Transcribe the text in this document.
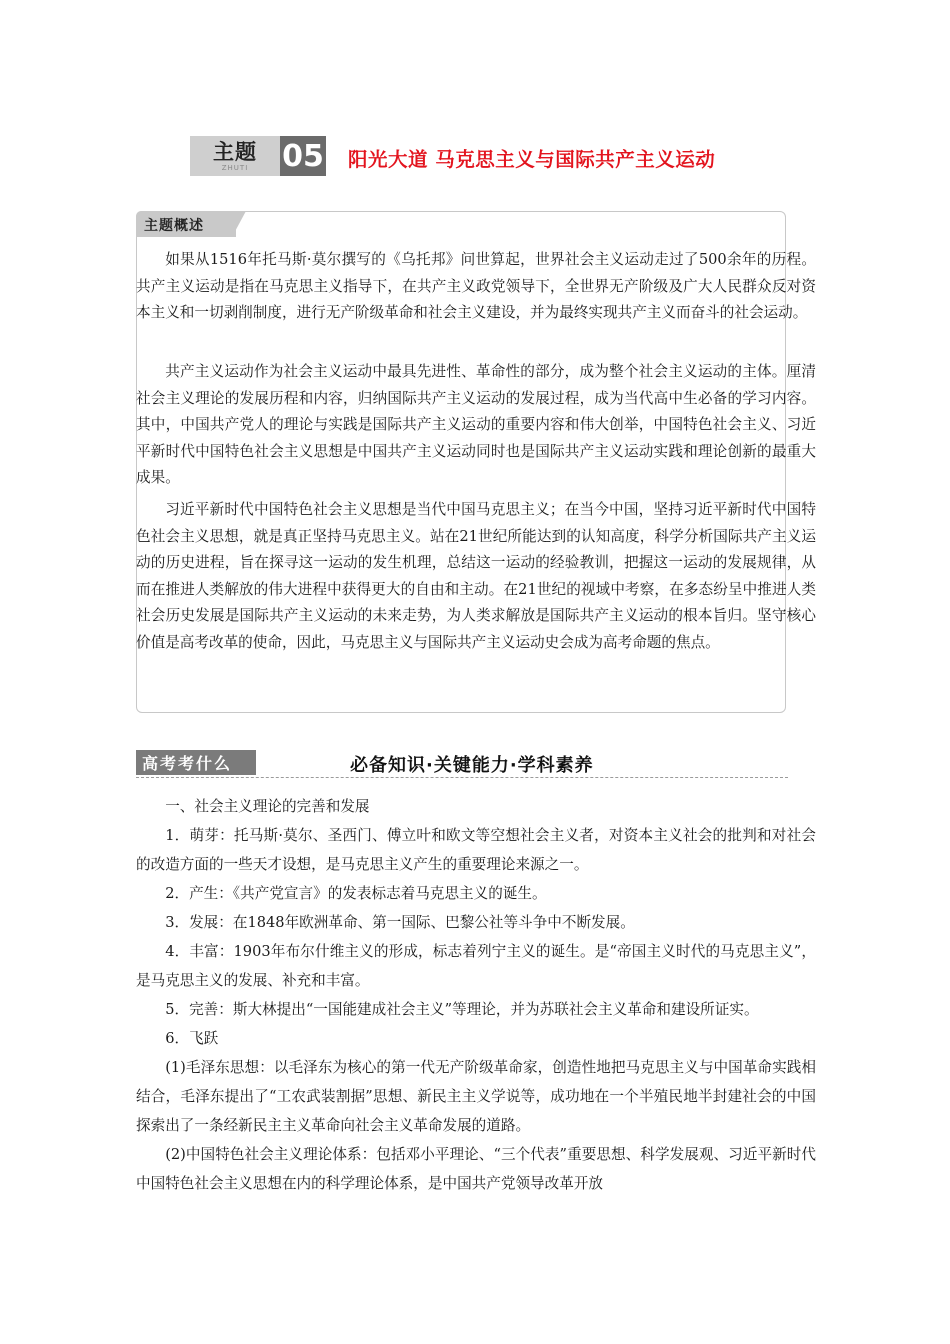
主题
ZHUTI 05 阳光大道 马克思主义与国际共产主义运动
主题概述

如果从1516年托马斯·莫尔撰写的《乌托邦》问世算起，世界社会主义运动走过了500余年的历程。共产主义运动是指在马克思主义指导下，在共产主义政党领导下，全世界无产阶级及广大人民群众反对资本主义和一切剥削制度，进行无产阶级革命和社会主义建设，并为最终实现共产主义而奋斗的社会运动。

共产主义运动作为社会主义运动中最具先进性、革命性的部分，成为整个社会主义运动的主体。厘清社会主义理论的发展历程和内容，归纳国际共产主义运动的发展过程，成为当代高中生必备的学习内容。其中，中国共产党人的理论与实践是国际共产主义运动的重要内容和伟大创举，中国特色社会主义、习近平新时代中国特色社会主义思想是中国共产主义运动同时也是国际共产主义运动实践和理论创新的最重大成果。

习近平新时代中国特色社会主义思想是当代中国马克思主义；在当今中国，坚持习近平新时代中国特色社会主义思想，就是真正坚持马克思主义。站在21世纪所能达到的认知高度，科学分析国际共产主义运动的历史进程，旨在探寻这一运动的发生机理，总结这一运动的经验教训，把握这一运动的发展规律，从而在推进人类解放的伟大进程中获得更大的自由和主动。在21世纪的视域中考察，在多态纷呈中推进人类社会历史发展是国际共产主义运动的未来走势，为人类求解放是国际共产主义运动的根本旨归。坚守核心价值是高考改革的使命，因此，马克思主义与国际共产主义运动史会成为高考命题的焦点。

高考考什么	必备知识·关键能力·学科素养

一、社会主义理论的完善和发展

1．萌芽：托马斯·莫尔、圣西门、傅立叶和欧文等空想社会主义者，对资本主义社会的批判和对社会的改造方面的一些天才设想，是马克思主义产生的重要理论来源之一。

2．产生：《共产党宣言》的发表标志着马克思主义的诞生。

3．发展：在1848年欧洲革命、第一国际、巴黎公社等斗争中不断发展。

4．丰富：1903年布尔什维主义的形成，标志着列宁主义的诞生。是“帝国主义时代的马克思主义”，是马克思主义的发展、补充和丰富。

5．完善：斯大林提出“一国能建成社会主义”等理论，并为苏联社会主义革命和建设所证实。

6．飞跃

(1)毛泽东思想：以毛泽东为核心的第一代无产阶级革命家，创造性地把马克思主义与中国革命实践相结合，毛泽东提出了“工农武装割据”思想、新民主主义学说等，成功地在一个半殖民地半封建社会的中国探索出了一条经新民主主义革命向社会主义革命发展的道路。

(2)中国特色社会主义理论体系：包括邓小平理论、“三个代表”重要思想、科学发展观、习近平新时代中国特色社会主义思想在内的科学理论体系，是中国共产党领导改革开放
